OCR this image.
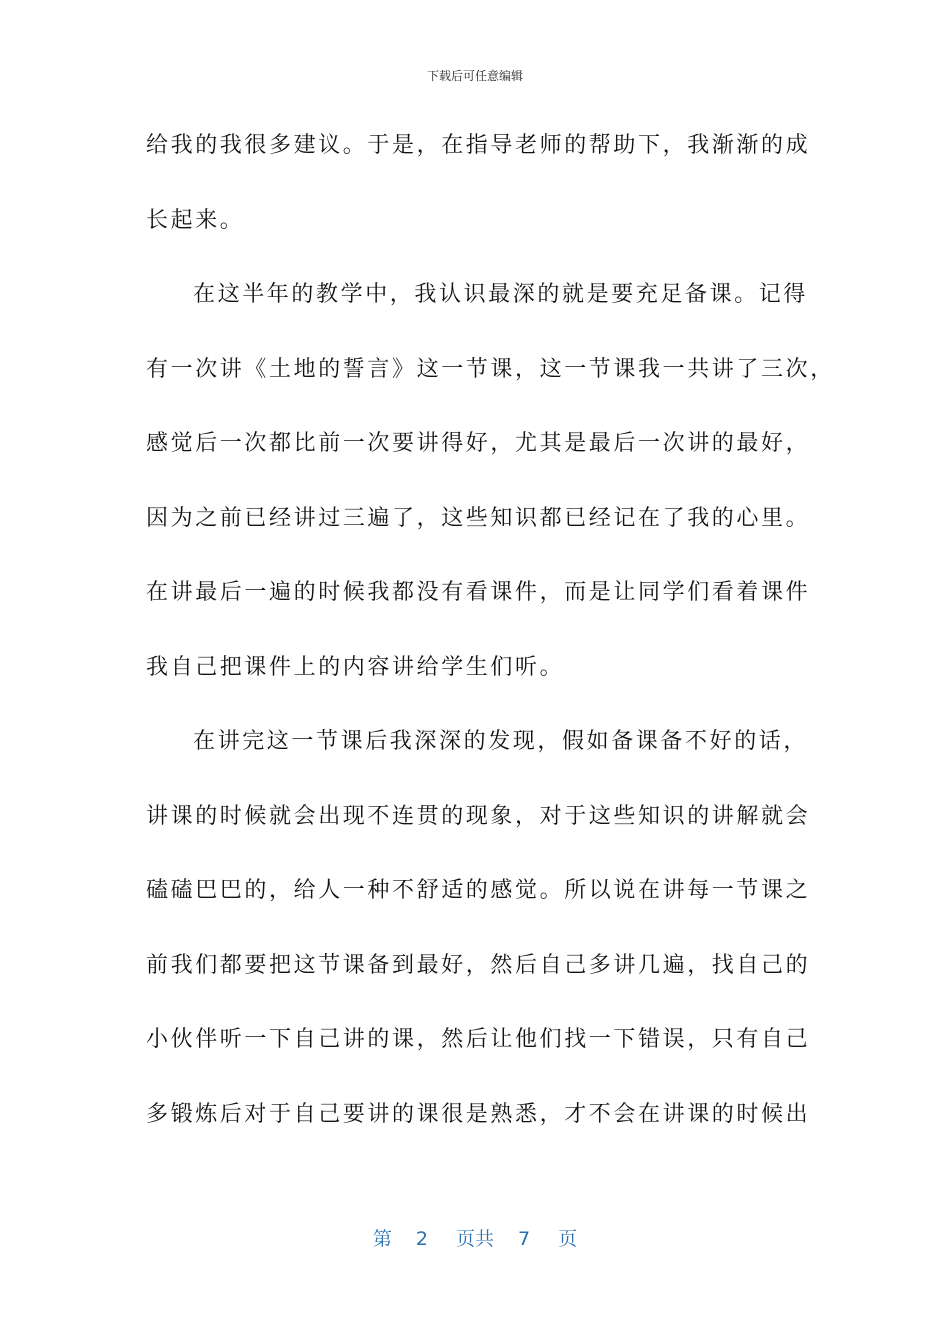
下载后可任意编辑
给我的我很多建议。于是，在指导老师的帮助下，我渐渐的成
长起来。
在这半年的教学中，我认识最深的就是要充足备课。记得
有一次讲《土地的誓言》这一节课，这一节课我一共讲了三次，
感觉后一次都比前一次要讲得好，尤其是最后一次讲的最好，
因为之前已经讲过三遍了，这些知识都已经记在了我的心里。
在讲最后一遍的时候我都没有看课件，而是让同学们看着课件
我自己把课件上的内容讲给学生们听。
在讲完这一节课后我深深的发现，假如备课备不好的话，
讲课的时候就会出现不连贯的现象，对于这些知识的讲解就会
磕磕巴巴的，给人一种不舒适的感觉。所以说在讲每一节课之
前我们都要把这节课备到最好，然后自己多讲几遍，找自己的
小伙伴听一下自己讲的课，然后让他们找一下错误，只有自己
多锻炼后对于自己要讲的课很是熟悉，才不会在讲课的时候出
第 2 页共 7 页
